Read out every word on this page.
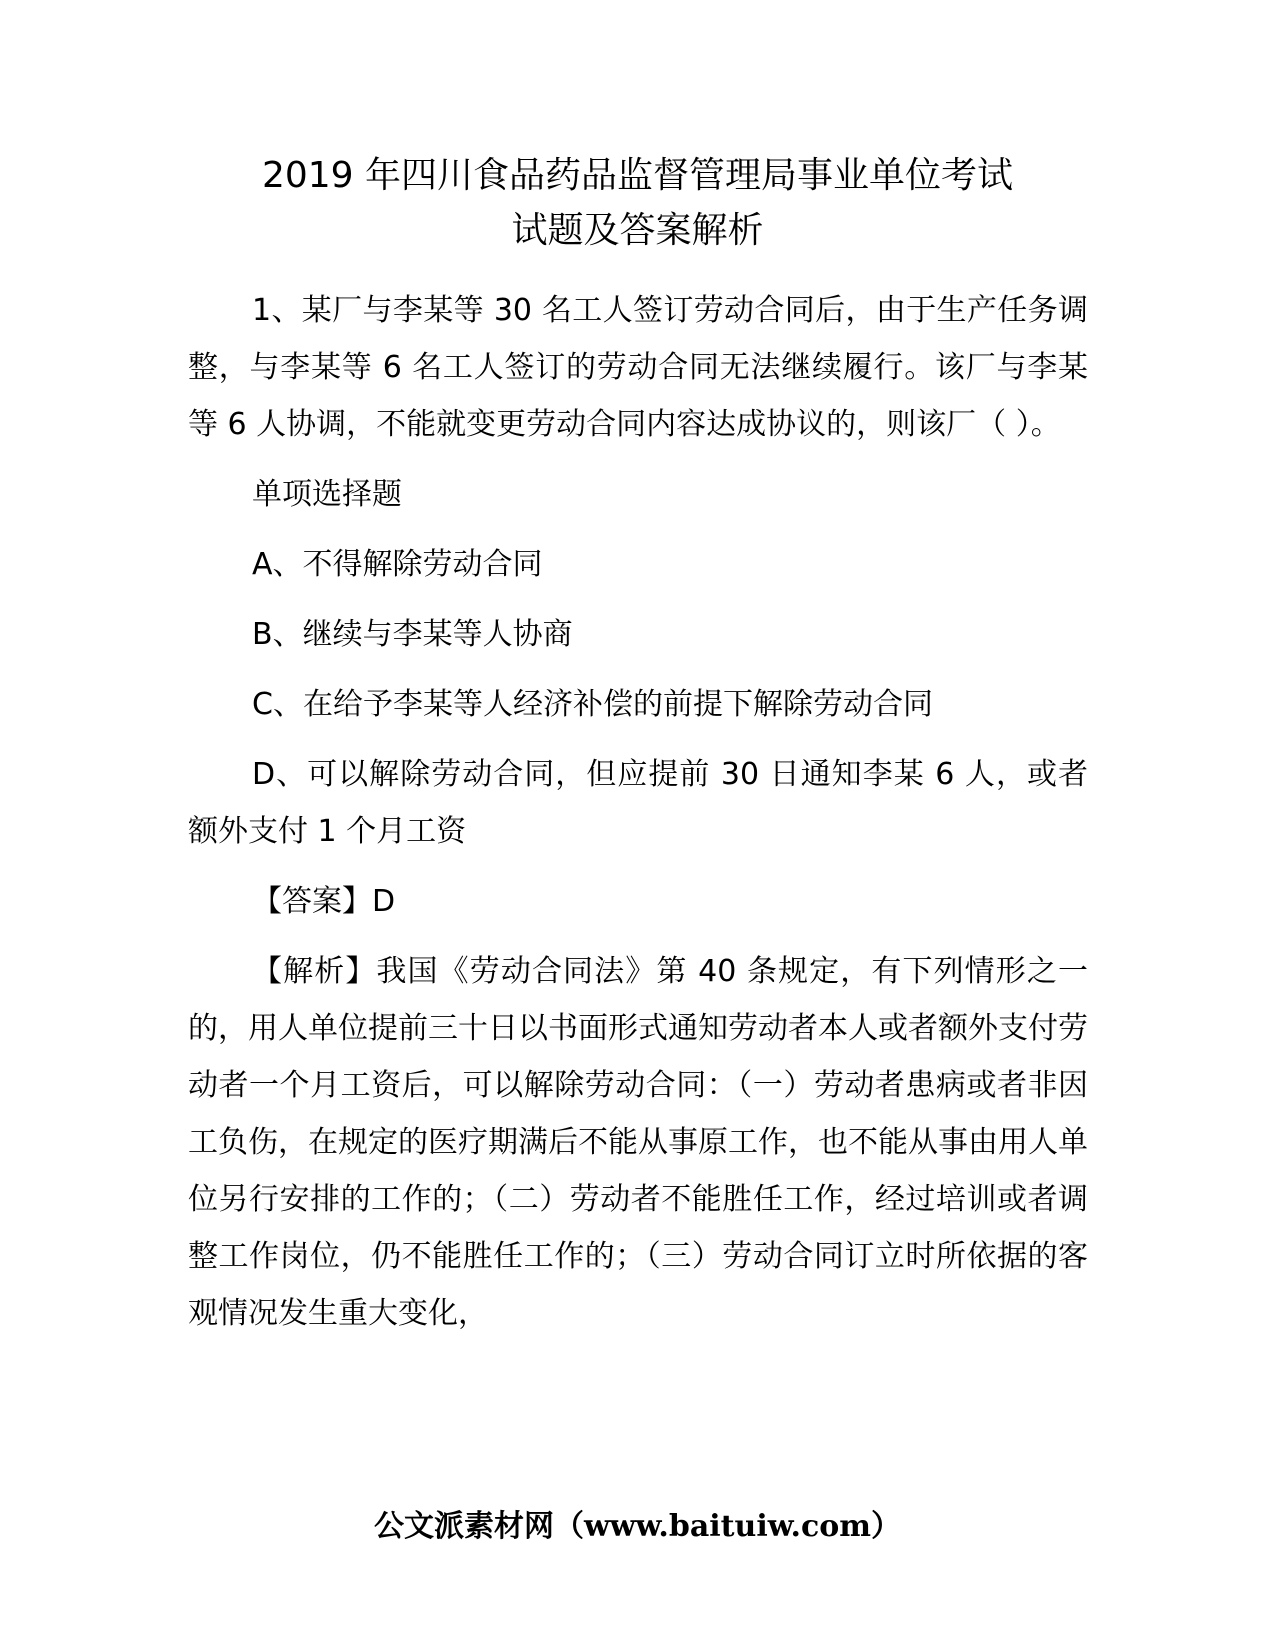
2019 年四川食品药品监督管理局事业单位考试
试题及答案解析

1、某厂与李某等 30 名工人签订劳动合同后，由于生产任务调整，与李某等 6 名工人签订的劳动合同无法继续履行。该厂与李某等 6 人协调，不能就变更劳动合同内容达成协议的，则该厂（ ）。

单项选择题

A、不得解除劳动合同

B、继续与李某等人协商

C、在给予李某等人经济补偿的前提下解除劳动合同

D、可以解除劳动合同，但应提前 30 日通知李某 6 人，或者额外支付 1 个月工资

【答案】D

【解析】我国《劳动合同法》第 40 条规定，有下列情形之一的，用人单位提前三十日以书面形式通知劳动者本人或者额外支付劳动者一个月工资后，可以解除劳动合同：（一）劳动者患病或者非因工负伤，在规定的医疗期满后不能从事原工作，也不能从事由用人单位另行安排的工作的；（二）劳动者不能胜任工作，经过培训或者调整工作岗位，仍不能胜任工作的；（三）劳动合同订立时所依据的客观情况发生重大变化，

公文派素材网（www.baituiw.com）
